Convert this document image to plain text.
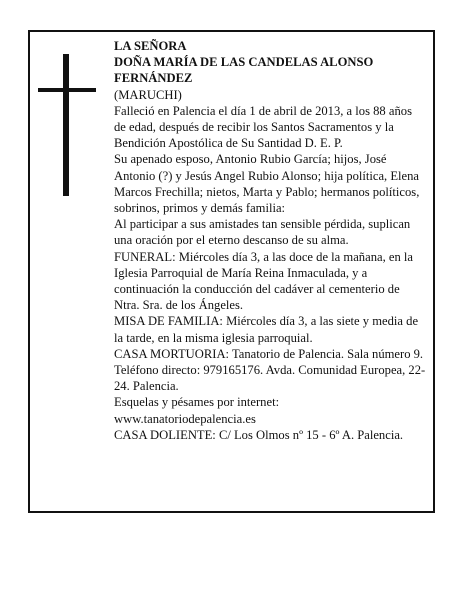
LA SEÑORA

DOÑA MARÍA DE LAS CANDELAS ALONSO FERNÁNDEZ

(MARUCHI)

Falleció en Palencia el día 1 de abril de 2013, a los 88 años de edad, después de recibir los Santos Sacramentos y la Bendición Apostólica de Su Santidad D. E. P.

Su apenado esposo, Antonio Rubio García; hijos, José Antonio (?) y Jesús Angel Rubio Alonso; hija política, Elena Marcos Frechilla; nietos, Marta y Pablo; hermanos políticos, sobrinos, primos y demás familia:

Al participar a sus amistades tan sensible pérdida, suplican una oración por el eterno descanso de su alma.

FUNERAL: Miércoles día 3, a las doce de la mañana, en la Iglesia Parroquial de María Reina Inmaculada, y a continuación la conducción del cadáver al cementerio de Ntra. Sra. de los Ángeles.

MISA DE FAMILIA: Miércoles día 3, a las siete y media de la tarde, en la misma iglesia parroquial.

CASA MORTUORIA: Tanatorio de Palencia. Sala número 9. Teléfono directo: 979165176. Avda. Comunidad Europea, 22-24. Palencia.

Esquelas y pésames por internet:

www.tanatoriodepalencia.es

CASA DOLIENTE: C/ Los Olmos nº 15 - 6º A. Palencia.
